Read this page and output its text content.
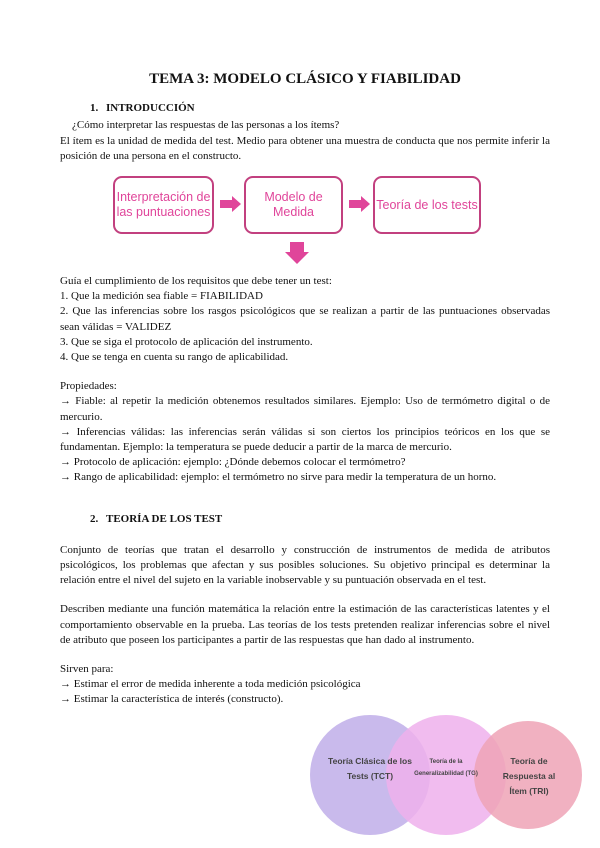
TEMA 3: MODELO CLÁSICO Y FIABILIDAD

1. INTRODUCCIÓN

¿Cómo interpretar las respuestas de las personas a los ítems?

El ítem es la unidad de medida del test. Medio para obtener una muestra de conducta que nos permite inferir la posición de una persona en el constructo.

Interpretación de las puntuaciones
Modelo de Medida
Teoría de los tests

Guía el cumplimiento de los requisitos que debe tener un test:

1. Que la medición sea fiable = FIABILIDAD

2. Que las inferencias sobre los rasgos psicológicos que se realizan a partir de las puntuaciones observadas sean válidas = VALIDEZ

3. Que se siga el protocolo de aplicación del instrumento.

4. Que se tenga en cuenta su rango de aplicabilidad.

Propiedades:

→ Fiable: al repetir la medición obtenemos resultados similares. Ejemplo: Uso de termómetro digital o de mercurio.

→ Inferencias válidas: las inferencias serán válidas si son ciertos los principios teóricos en los que se fundamentan. Ejemplo: la temperatura se puede deducir a partir de la marca de mercurio.

→ Protocolo de aplicación: ejemplo: ¿Dónde debemos colocar el termómetro?

→ Rango de aplicabilidad: ejemplo: el termómetro no sirve para medir la temperatura de un horno.

2. TEORÍA DE LOS TEST

Conjunto de teorías que tratan el desarrollo y construcción de instrumentos de medida de atributos psicológicos, los problemas que afectan y sus posibles soluciones. Su objetivo principal es determinar la relación entre el nivel del sujeto en la variable inobservable y su puntuación observada en el test.

Describen mediante una función matemática la relación entre la estimación de las características latentes y el comportamiento observable en la prueba. Las teorías de los tests pretenden realizar inferencias sobre el nivel de atributo que poseen los participantes a partir de las respuestas que han dado al instrumento.

Sirven para:

→ Estimar el error de medida inherente a toda medición psicológica

→ Estimar la característica de interés (constructo).

Teoría Clásica de los Tests (TCT)
Teoría de la Generalizabilidad (TG)
Teoría de Respuesta al Ítem (TRI)
